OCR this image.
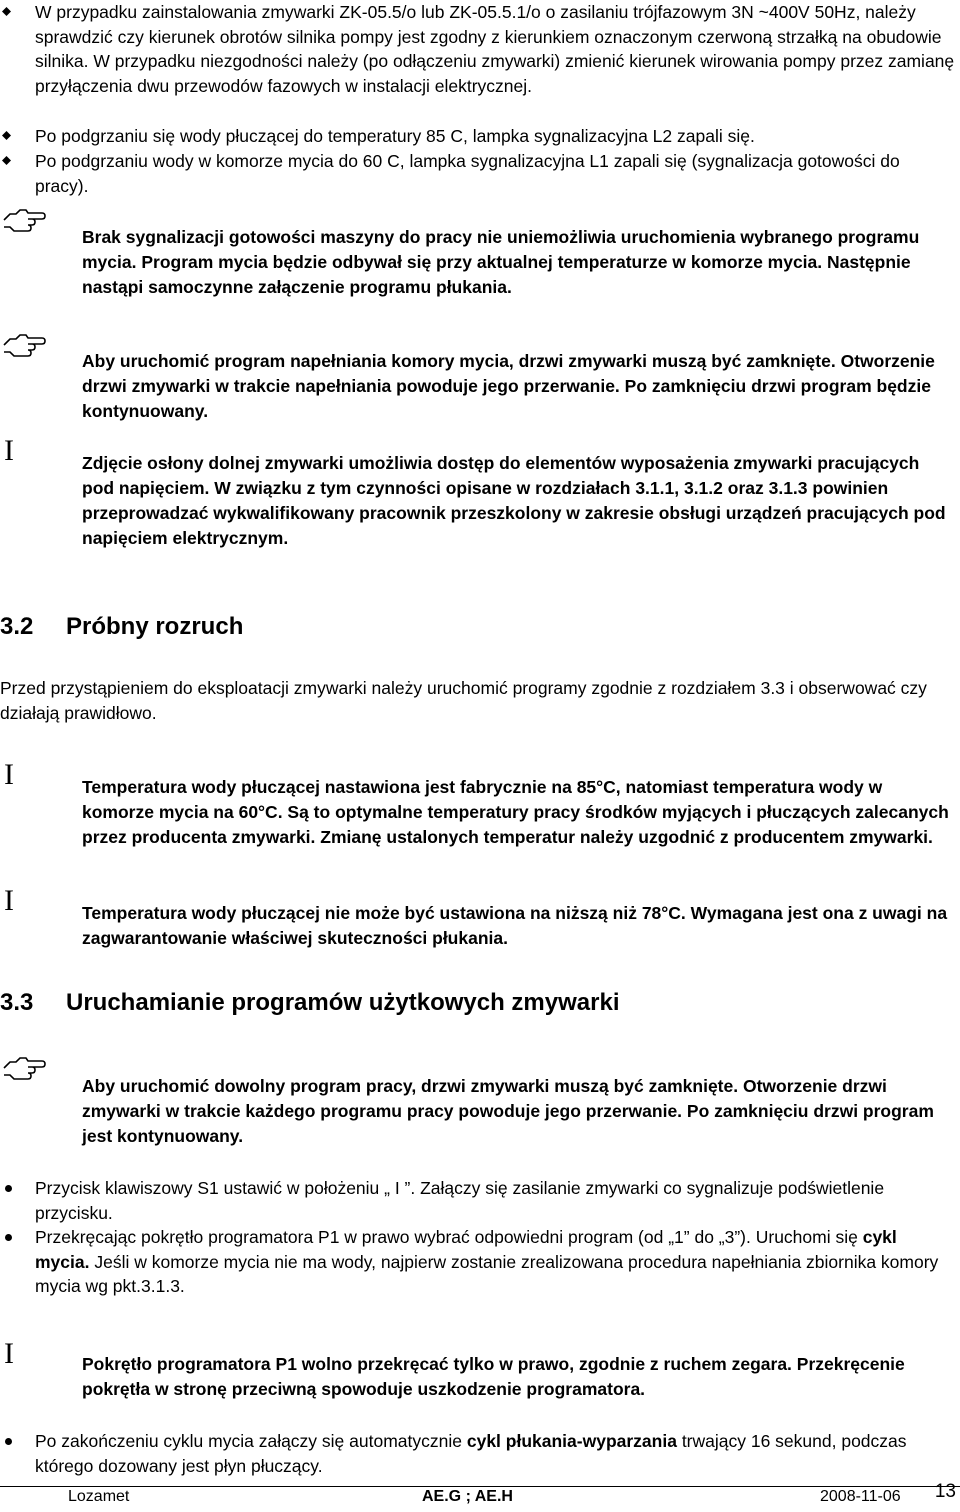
W przypadku zainstalowania zmywarki ZK-05.5/o lub ZK-05.5.1/o o zasilaniu trójfazowym 3N ~400V 50Hz, należy sprawdzić czy kierunek obrotów silnika pompy jest zgodny z kierunkiem oznaczonym czerwoną strzałką na obudowie silnika. W przypadku niezgodności należy (po odłączeniu zmywarki) zmienić kierunek wirowania pompy przez zamianę przyłączenia dwu przewodów fazowych w instalacji elektrycznej.
Po podgrzaniu się wody płuczącej do temperatury 85 C, lampka sygnalizacyjna L2 zapali się.
Po podgrzaniu wody w komorze mycia do 60 C, lampka sygnalizacyjna L1 zapali się (sygnalizacja gotowości do pracy).
Brak sygnalizacji gotowości maszyny do pracy nie uniemożliwia uruchomienia wybranego programu mycia. Program mycia będzie odbywał się przy aktualnej temperaturze w komorze mycia. Następnie nastąpi samoczynne załączenie programu płukania.
Aby uruchomić program napełniania komory mycia, drzwi zmywarki muszą być zamknięte. Otworzenie drzwi zmywarki w trakcie napełniania powoduje jego przerwanie. Po zamknięciu drzwi program będzie kontynuowany.
I	Zdjęcie osłony dolnej zmywarki umożliwia dostęp do elementów wyposażenia zmywarki pracujących pod napięciem. W związku z tym czynności opisane w rozdziałach 3.1.1, 3.1.2 oraz 3.1.3 powinien przeprowadzać wykwalifikowany pracownik przeszkolony w zakresie obsługi urządzeń pracujących pod napięciem elektrycznym.
3.2 Próbny rozruch
Przed przystąpieniem do eksploatacji zmywarki należy uruchomić programy zgodnie z rozdziałem 3.3 i obserwować czy działają prawidłowo.
I	Temperatura wody płuczącej nastawiona jest fabrycznie na 85°C, natomiast temperatura wody w komorze mycia na 60°C. Są to optymalne temperatury pracy środków myjących i płuczących zalecanych przez producenta zmywarki. Zmianę ustalonych temperatur należy uzgodnić z producentem zmywarki.
I	Temperatura wody płuczącej nie może być ustawiona na niższą niż 78°C. Wymagana jest ona z uwagi na zagwarantowanie właściwej skuteczności płukania.
3.3 Uruchamianie programów użytkowych zmywarki
Aby uruchomić dowolny program pracy, drzwi zmywarki muszą być zamknięte. Otworzenie drzwi zmywarki w trakcie każdego programu pracy powoduje jego przerwanie. Po zamknięciu drzwi program jest kontynuowany.
Przycisk klawiszowy S1 ustawić w położeniu „ I ”. Załączy się zasilanie zmywarki co sygnalizuje podświetlenie przycisku.
Przekręcając pokrętło programatora P1 w prawo wybrać odpowiedni program (od „1” do „3”). Uruchomi się cykl mycia. Jeśli w komorze mycia nie ma wody, najpierw zostanie zrealizowana procedura napełniania zbiornika komory mycia wg pkt.3.1.3.
I	Pokrętło programatora P1 wolno przekręcać tylko w prawo, zgodnie z ruchem zegara. Przekręcenie pokrętła w stronę przeciwną spowoduje uszkodzenie programatora.
Po zakończeniu cyklu mycia załączy się automatycznie cykl płukania-wyparzania trwający 16 sekund, podczas którego dozowany jest płyn płuczący.
Lozamet	AE.G ; AE.H	2008-11-06 13
